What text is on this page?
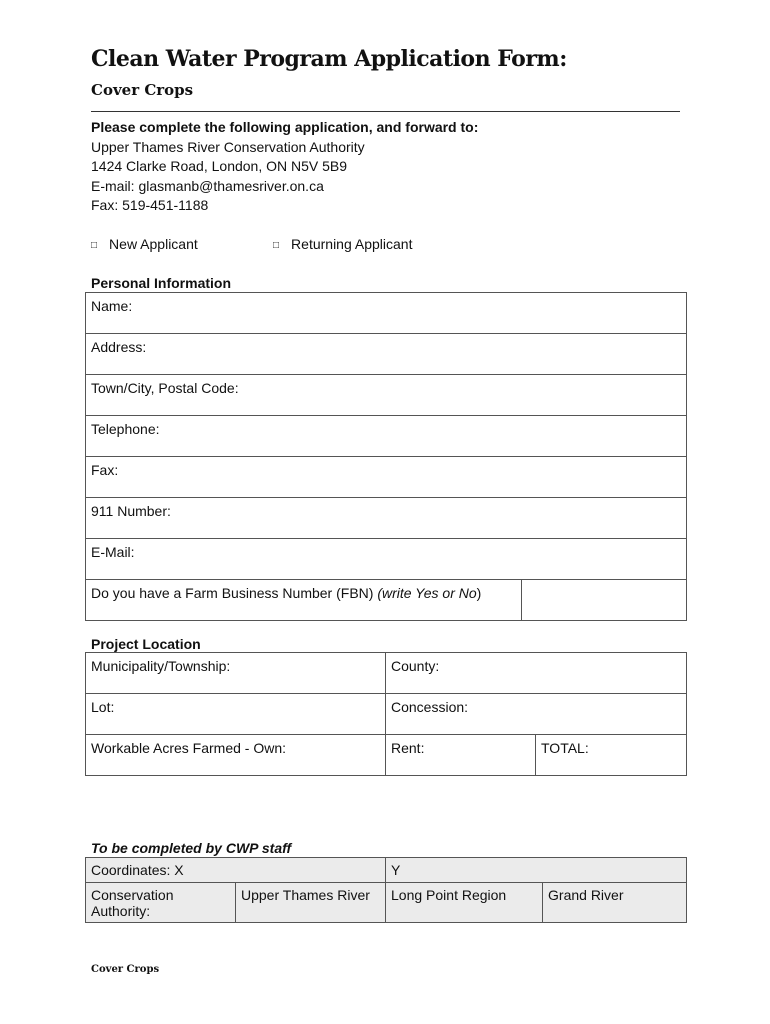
Clean Water Program Application Form:
Cover Crops
Please complete the following application, and forward to:
Upper Thames River Conservation Authority
1424 Clarke Road, London, ON N5V 5B9
E-mail: glasmanb@thamesriver.on.ca
Fax: 519-451-1188
□ New Applicant	□ Returning Applicant
Personal Information
Name:
Address:
Town/City, Postal Code:
Telephone:
Fax:
911 Number:
E-Mail:
Do you have a Farm Business Number (FBN) (write Yes or No)	
Project Location
Municipality/Township:	County:	
Lot:	Concession:	
Workable Acres Farmed - Own:	Rent:	TOTAL:
To be completed by CWP staff
Coordinates: X		Y	
Conservation Authority:	Upper Thames River	Long Point Region	Grand River
Cover Crops
